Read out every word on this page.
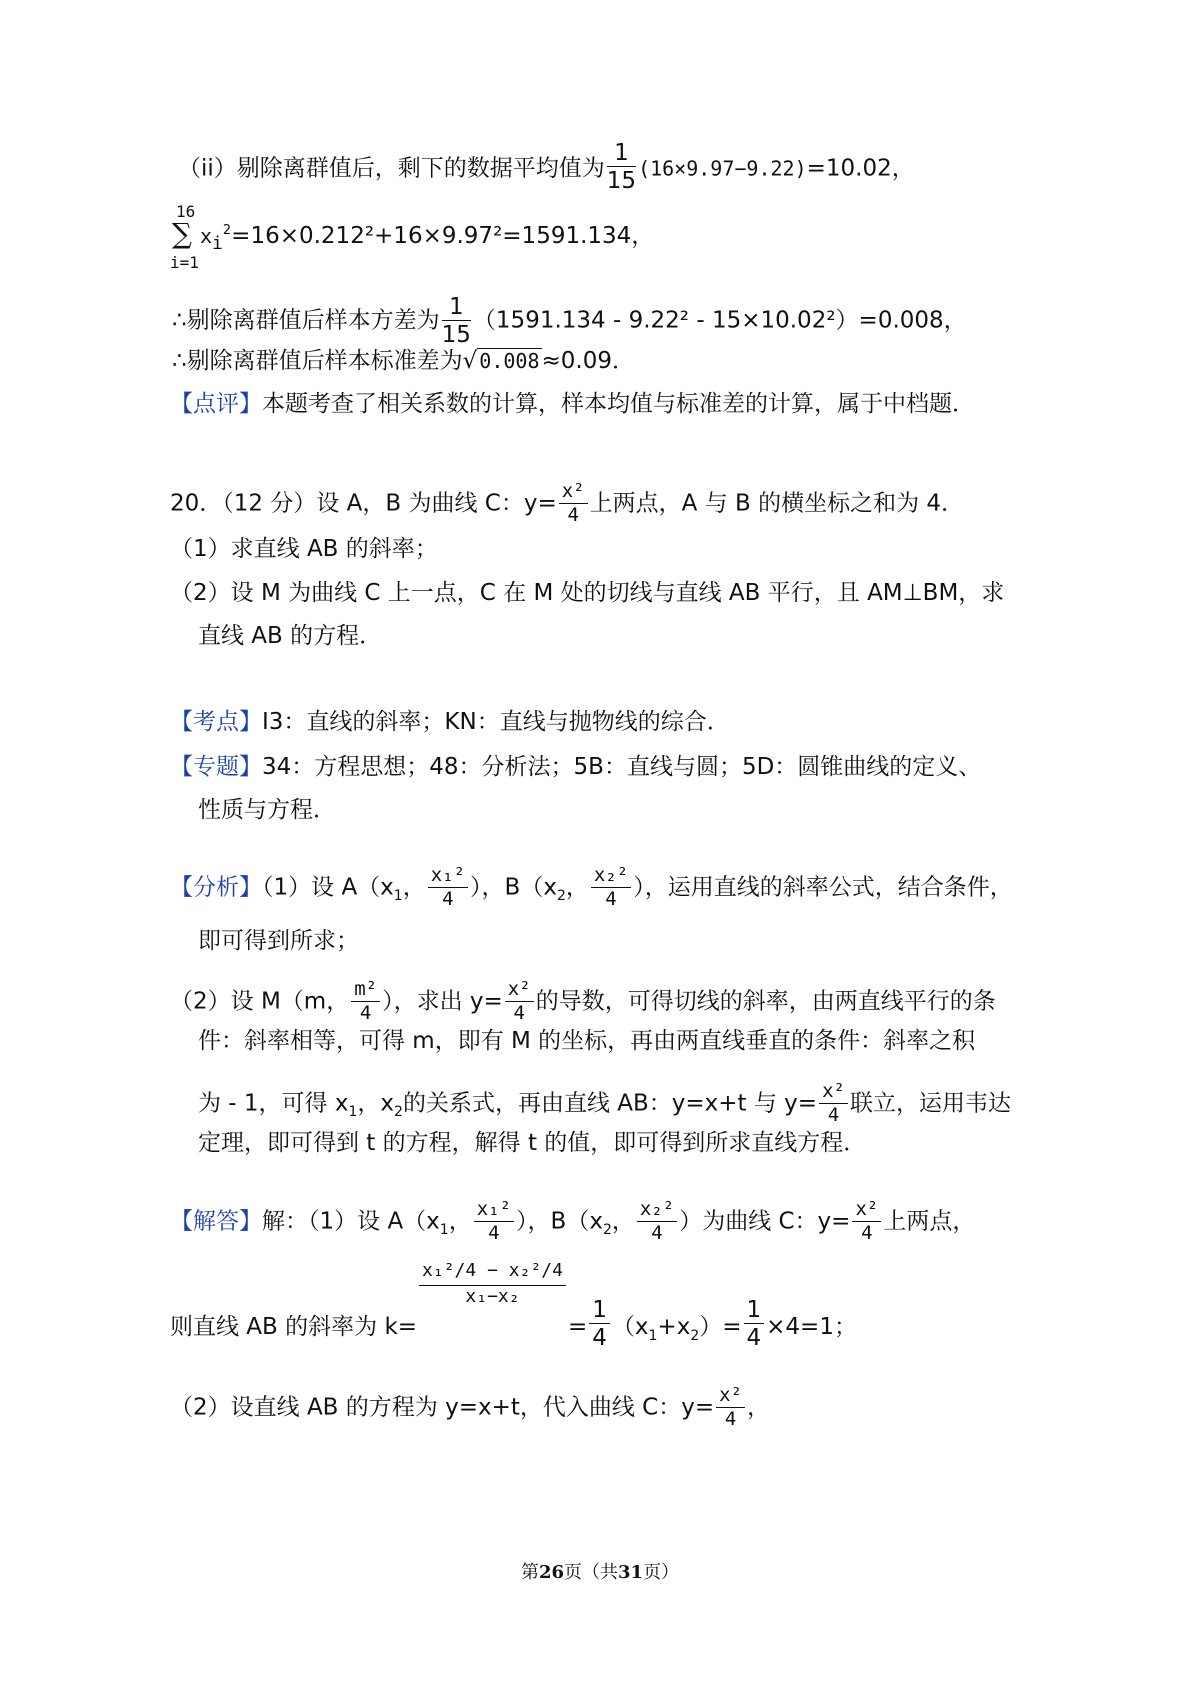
（ii）剔除离群值后，剩下的数据平均值为 $\frac{1}{15} (16\times 9.97-9.22)=10.02$，
16
∑
i=1
$x_i^2=16\times 0.212^2+16\times 9.97^2=1591.134$，
∴剔除离群值后样本方差为 $\frac{1}{15} (1591.134 - 9.22^2 - 15\times 10.02^2)=0.008$，
∴剔除离群值后样本标准差为√ 0.008≈0.09．
【点评】本题考查了相关系数的计算，样本均值与标准差的计算，属于中档题．
20．（12 分）设 A，B 为曲线 C：$y= \frac{\text{x²}}{4}$ 上两点，A 与 B 的横坐标之和为 4．
（1）求直线 AB 的斜率；
（2）设 M 为曲线 C 上一点，C 在 M 处的切线与直线 AB 平行，且 AM⊥BM，求
直线 AB 的方程．
【考点】I3：直线的斜率；KN：直线与抛物线的综合．
【专题】34：方程思想；48：分析法；5B：直线与圆；5D：圆锥曲线的定义、
性质与方程．
【分析】（1）设 $A(x_1$， $\frac{\text{x₁²}}{4}$ ），$B(x_2$， $\frac{\text{x₂²}}{4}$ ），运用直线的斜率公式，结合条件，
即可得到所求；
（2）设 M（m， $\frac{\text{m²}}{4}$ ），求出 $y= \frac{\text{x²}}{4}$ 的导数，可得切线的斜率，由两直线平行的条
件：斜率相等，可得 m，即有 M 的坐标，再由两直线垂直的条件：斜率之积
为 - 1，可得 $x_1$，$x_2$的关系式，再由直线 AB：y=x+t 与 $y= \frac{\text{x²}}{4}$ 联立，运用韦达
定理，即可得到 t 的方程，解得 t 的值，即可得到所求直线方程．
【解答】解：（1）设 $A(x_1$， $\frac{\text{x₁²}}{4}$ ），$B(x_2$， $\frac{\text{x₂²}}{4}$ ）为曲线 C：$y= \frac{\text{x²}}{4}$ 上两点，
则直线 AB 的斜率为 k=
$\frac{\text{x₁²/4 − x₂²/4}}{\text{x₁−x₂}}$
= $\frac{1}{4} (x_1+x_2)= \frac{1}{4} \times 4=1$；
（2）设直线 AB 的方程为 y=x+t，代入曲线 C：$y= \frac{\text{x²}}{4}$ ，
第26页（共31页）
